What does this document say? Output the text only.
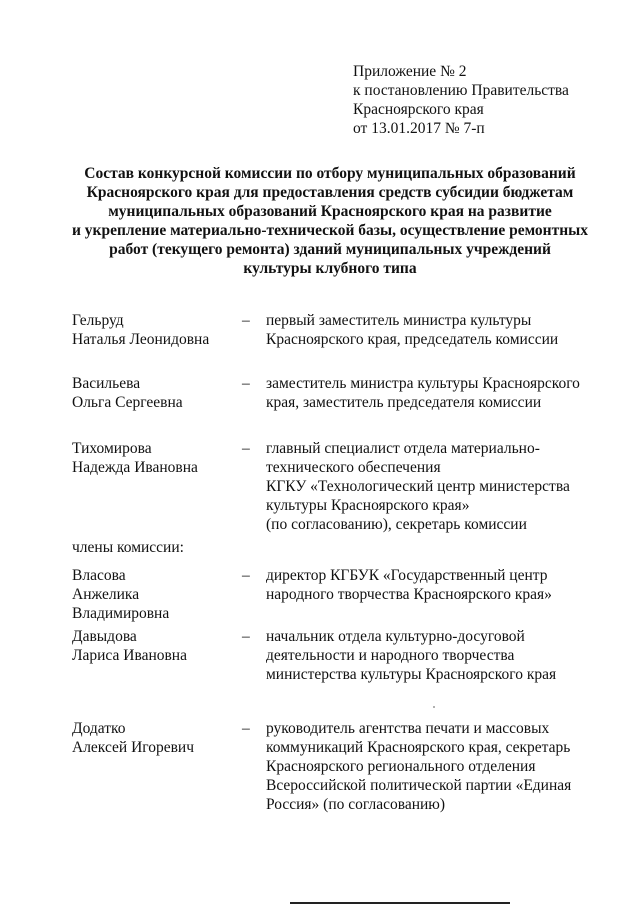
Приложение № 2
к постановлению Правительства
Красноярского края
от 13.01.2017 № 7-п
Состав конкурсной комиссии по отбору муниципальных образований
Красноярского края для предоставления средств субсидии бюджетам
муниципальных образований Красноярского края на развитие
и укрепление материально-технической базы, осуществление ремонтных
работ (текущего ремонта) зданий муниципальных учреждений
культуры клубного типа
Гельруд
Наталья Леонидовна
– первый заместитель министра культуры
Красноярского края, председатель комиссии
Васильева
Ольга Сергеевна
– заместитель министра культуры Красноярского
края, заместитель председателя комиссии
Тихомирова
Надежда Ивановна
– главный специалист отдела материально-
технического обеспечения
КГКУ «Технологический центр министерства
культуры Красноярского края»
(по согласованию), секретарь комиссии
члены комиссии:
Власова
Анжелика
Владимировна
– директор КГБУК «Государственный центр
народного творчества Красноярского края»
Давыдова
Лариса Ивановна
– начальник отдела культурно-досуговой
деятельности и народного творчества
министерства культуры Красноярского края
Додатко
Алексей Игоревич
– руководитель агентства печати и массовых
коммуникаций Красноярского края, секретарь
Красноярского регионального отделения
Всероссийской политической партии «Единая
Россия» (по согласованию)
